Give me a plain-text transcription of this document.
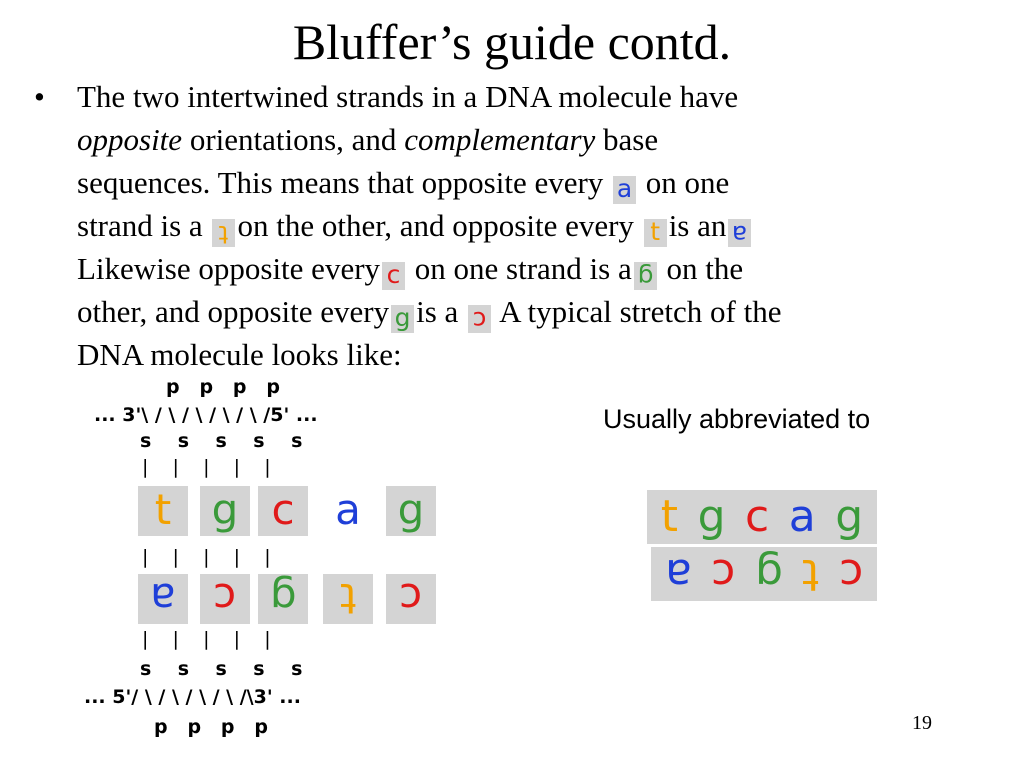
Bluffer’s guide contd.
• The two intertwined strands in a DNA molecule have
opposite orientations, and complementary base
sequences. This means that opposite every a on one
strand is a t on the other, and opposite every t is an a
Likewise opposite every c on one strand is a g on the
other, and opposite every g is a c A typical stretch of the
DNA molecule looks like:
p   p   p   p
... 3'\ / \ / \ / \ / \ /5' ...
s    s    s    s    s
|    |    |    |    |
t g c a g
|    |    |    |    |
a c g	t	c
|    |    |    |    |
s    s    s    s    s
... 5'/ \ / \ / \ / \ /\3' ...
p   p   p   p
Usually abbreviated to
t g c a g
a c g t c
19
